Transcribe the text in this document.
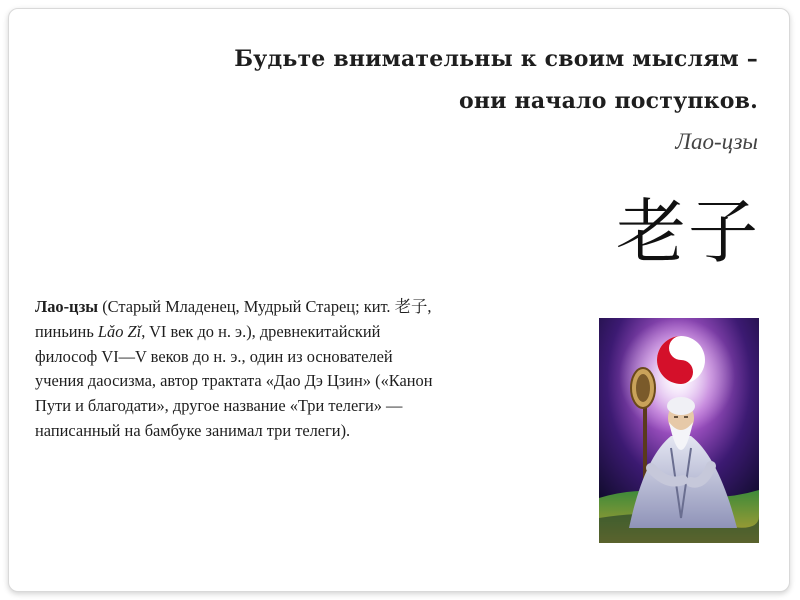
Будьте внимательны к своим мыслям –
они начало поступков.
Лао-цзы
老子
Лао-цзы (Старый Младенец, Мудрый Старец; кит. 老子, пиньинь Lǎo Zǐ, VI век до н. э.), древнекитайский философ VI—V веков до н. э., один из основателей учения даосизма, автор трактата «Дао Дэ Цзин» («Канон Пути и благодати», другое название «Три телеги» — написанный на бамбуке занимал три телеги).
